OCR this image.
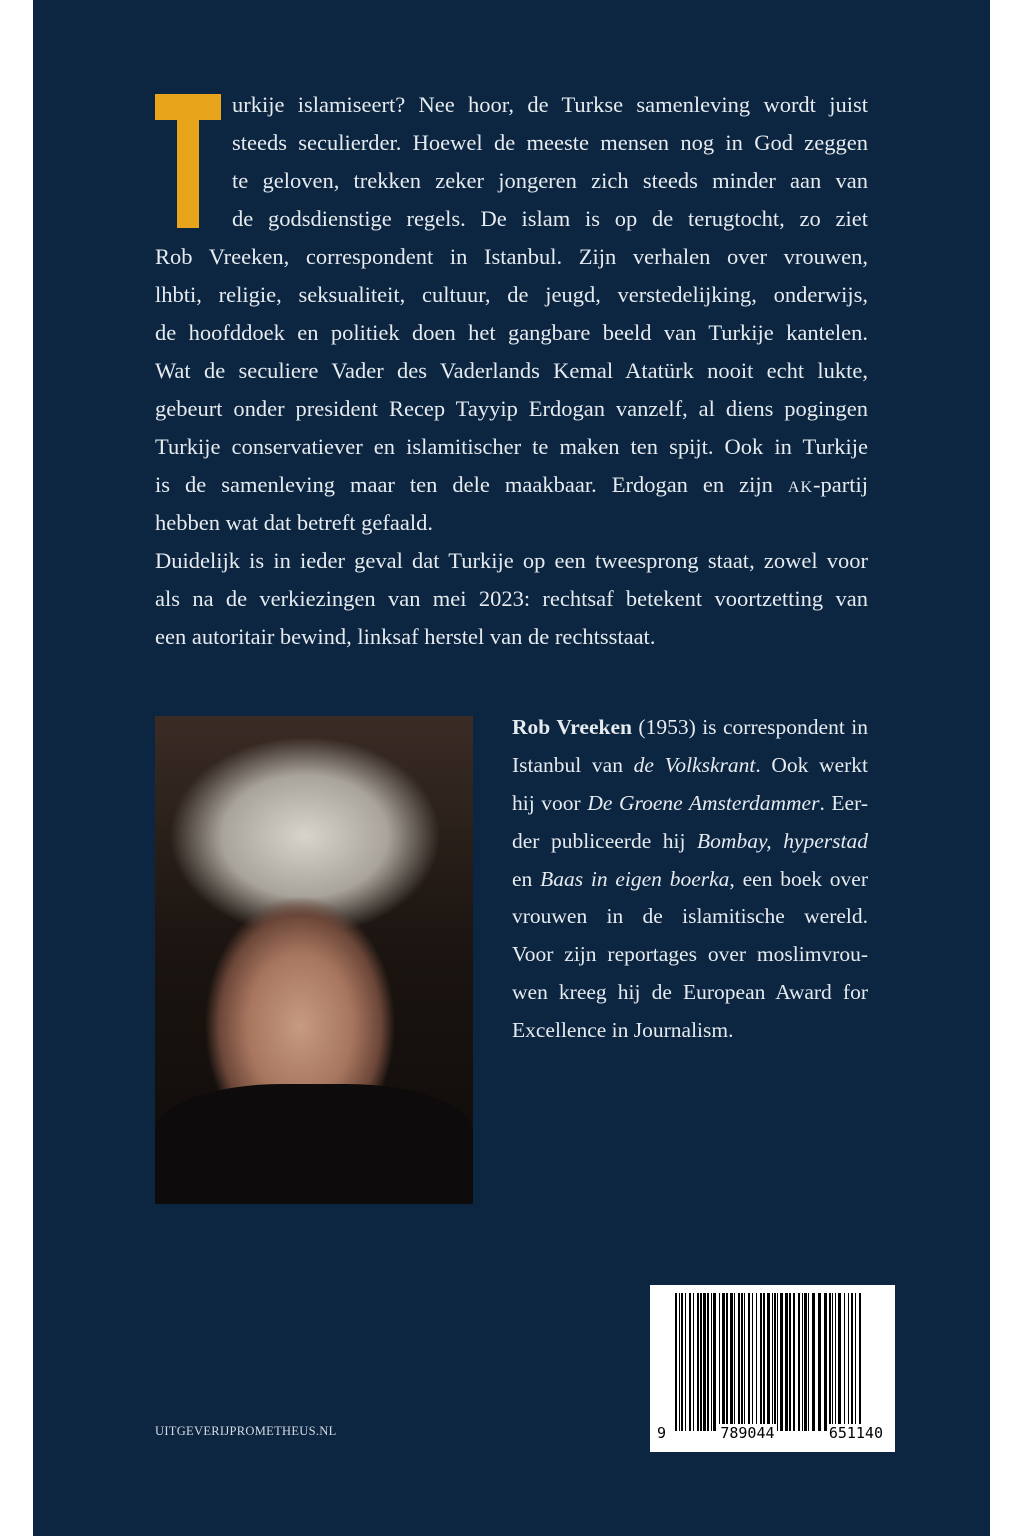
urkije islamiseert? Nee hoor, de Turkse samenleving wordt juist
steeds seculierder. Hoewel de meeste mensen nog in God zeggen
te geloven, trekken zeker jongeren zich steeds minder aan van
de godsdienstige regels. De islam is op de terugtocht, zo ziet
Rob Vreeken, correspondent in Istanbul. Zijn verhalen over vrouwen,
lhbti, religie, seksualiteit, cultuur, de jeugd, verstedelijking, onderwijs,
de hoofddoek en politiek doen het gangbare beeld van Turkije kantelen.
Wat de seculiere Vader des Vaderlands Kemal Atatürk nooit echt lukte,
gebeurt onder president Recep Tayyip Erdogan vanzelf, al diens pogingen
Turkije conservatiever en islamitischer te maken ten spijt. Ook in Turkije
is de samenleving maar ten dele maakbaar. Erdogan en zijn AK-partij
hebben wat dat betreft gefaald.
Duidelijk is in ieder geval dat Turkije op een tweesprong staat, zowel voor
als na de verkiezingen van mei 2023: rechtsaf betekent voortzetting van
een autoritair bewind, linksaf herstel van de rechtsstaat.
Rob Vreeken (1953) is correspondent in
Istanbul van de Volkskrant. Ook werkt
hij voor De Groene Amsterdammer. Eer-
der publiceerde hij Bombay, hyperstad
en Baas in eigen boerka, een boek over
vrouwen in de islamitische wereld.
Voor zijn reportages over moslimvrou-
wen kreeg hij de European Award for
Excellence in Journalism.
UITGEVERIJPROMETHEUS.NL	9	789044	651140
